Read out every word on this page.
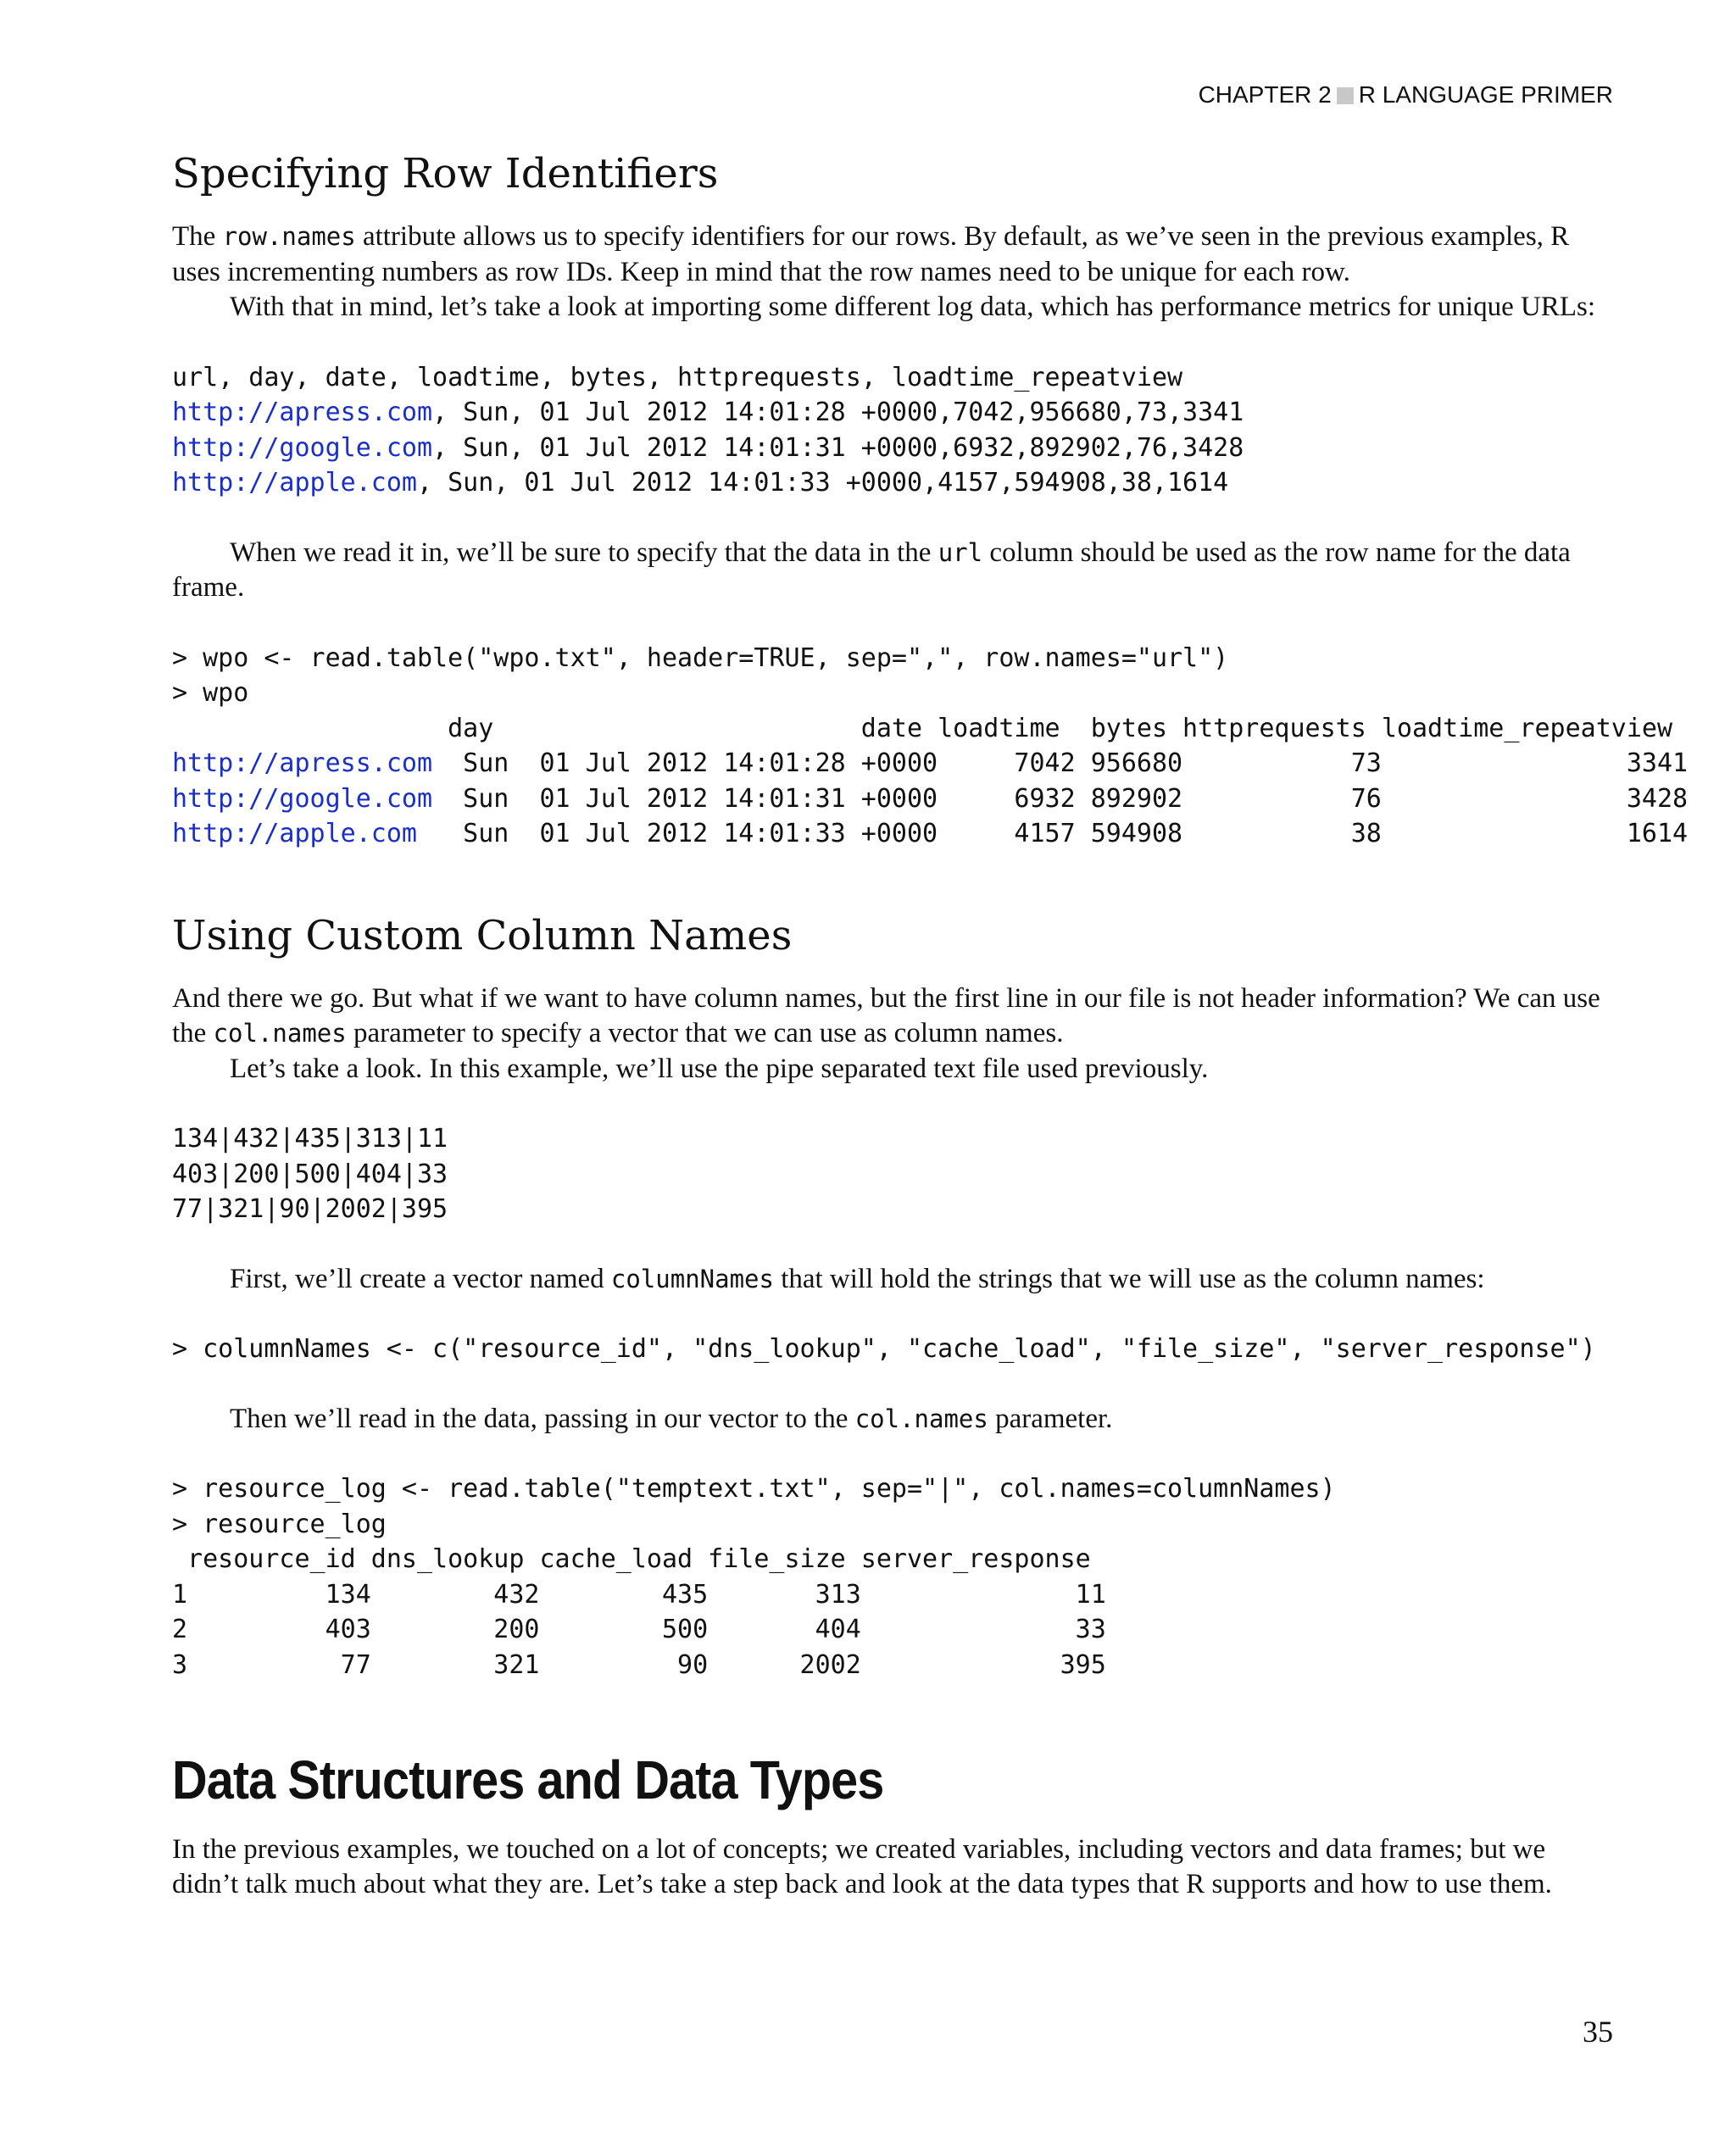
CHAPTER 2 R LANGUAGE PRIMER
Specifying Row Identifiers

The row.names attribute allows us to specify identifiers for our rows. By default, as we’ve seen in the previous examples, R uses incrementing numbers as row IDs. Keep in mind that the row names need to be unique for each row.

With that in mind, let’s take a look at importing some different log data, which has performance metrics for unique URLs:

url, day, date, loadtime, bytes, httprequests, loadtime_repeatview
http://apress.com, Sun, 01 Jul 2012 14:01:28 +0000,7042,956680,73,3341
http://google.com, Sun, 01 Jul 2012 14:01:31 +0000,6932,892902,76,3428
http://apple.com, Sun, 01 Jul 2012 14:01:33 +0000,4157,594908,38,1614

When we read it in, we’ll be sure to specify that the data in the url column should be used as the row name for the data frame.

> wpo <- read.table("wpo.txt", header=TRUE, sep=",", row.names="url")
> wpo
day                        date loadtime  bytes httprequests loadtime_repeatview
http://apress.com  Sun  01 Jul 2012 14:01:28 +0000     7042 956680           73                3341
http://google.com  Sun  01 Jul 2012 14:01:31 +0000     6932 892902           76                3428
http://apple.com   Sun  01 Jul 2012 14:01:33 +0000     4157 594908           38                1614
Using Custom Column Names

And there we go. But what if we want to have column names, but the first line in our file is not header information? We can use the col.names parameter to specify a vector that we can use as column names.

Let’s take a look. In this example, we’ll use the pipe separated text file used previously.

134|432|435|313|11
403|200|500|404|33
77|321|90|2002|395

First, we’ll create a vector named columnNames that will hold the strings that we will use as the column names:

> columnNames <- c("resource_id", "dns_lookup", "cache_load", "file_size", "server_response")

Then we’ll read in the data, passing in our vector to the col.names parameter.

> resource_log <- read.table("temptext.txt", sep="|", col.names=columnNames)
> resource_log
resource_id dns_lookup cache_load file_size server_response
1         134        432        435       313              11
2         403        200        500       404              33
3          77        321         90      2002             395
Data Structures and Data Types

In the previous examples, we touched on a lot of concepts; we created variables, including vectors and data frames; but we didn’t talk much about what they are. Let’s take a step back and look at the data types that R supports and how to use them.

35
